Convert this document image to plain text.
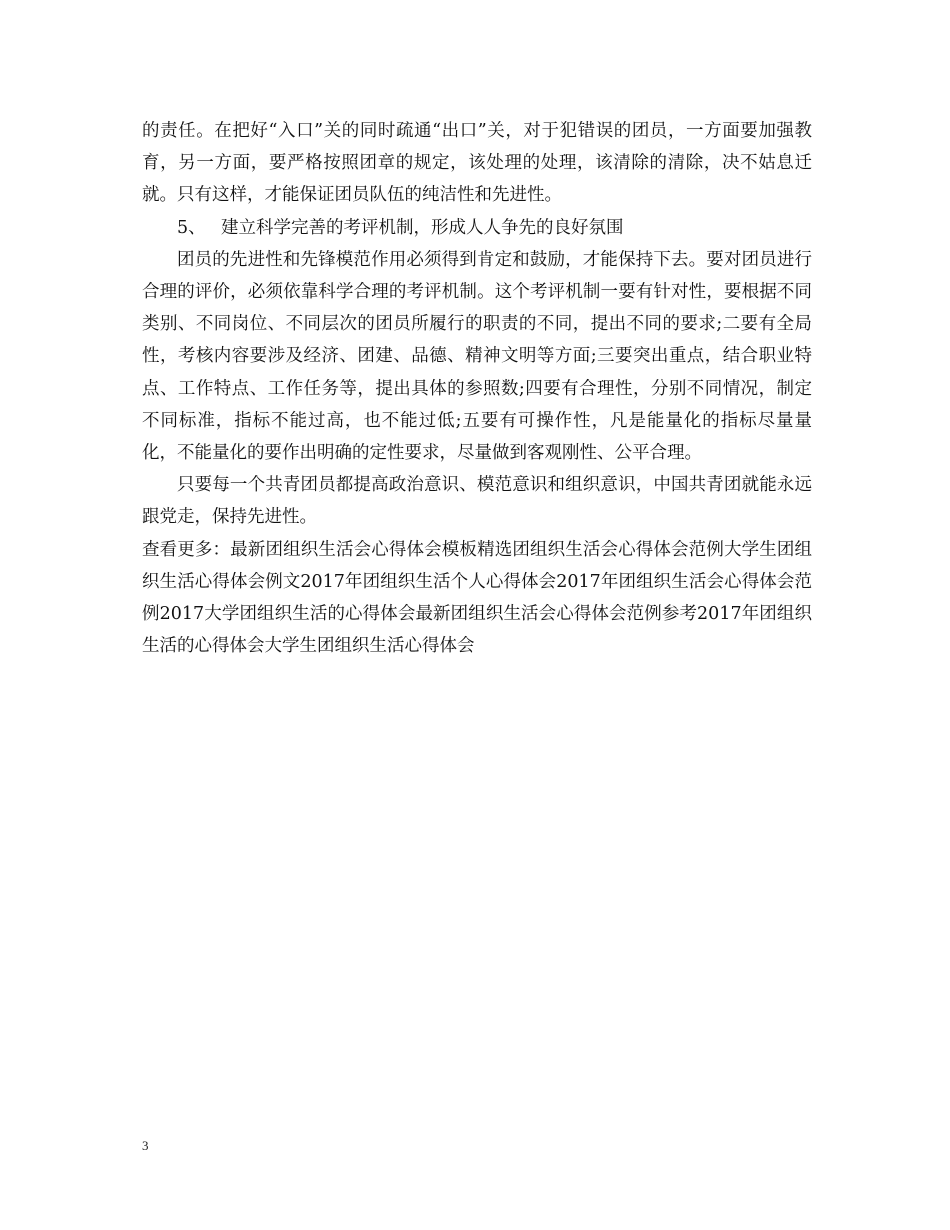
的责任。在把好“入口”关的同时疏通“出口”关，对于犯错误的团员，一方面要加强教育，另一方面，要严格按照团章的规定，该处理的处理，该清除的清除，决不姑息迁就。只有这样，才能保证团员队伍的纯洁性和先进性。

5、 建立科学完善的考评机制，形成人人争先的良好氛围

团员的先进性和先锋模范作用必须得到肯定和鼓励，才能保持下去。要对团员进行合理的评价，必须依靠科学合理的考评机制。这个考评机制一要有针对性，要根据不同类别、不同岗位、不同层次的团员所履行的职责的不同，提出不同的要求;二要有全局性，考核内容要涉及经济、团建、品德、精神文明等方面;三要突出重点，结合职业特点、工作特点、工作任务等，提出具体的参照数;四要有合理性，分别不同情况，制定不同标准，指标不能过高，也不能过低;五要有可操作性，凡是能量化的指标尽量量化，不能量化的要作出明确的定性要求，尽量做到客观刚性、公平合理。

只要每一个共青团员都提高政治意识、模范意识和组织意识，中国共青团就能永远跟党走，保持先进性。

查看更多：最新团组织生活会心得体会模板精选团组织生活会心得体会范例大学生团组织生活心得体会例文2017年团组织生活个人心得体会2017年团组织生活会心得体会范例2017大学团组织生活的心得体会最新团组织生活会心得体会范例参考2017年团组织生活的心得体会大学生团组织生活心得体会

3
